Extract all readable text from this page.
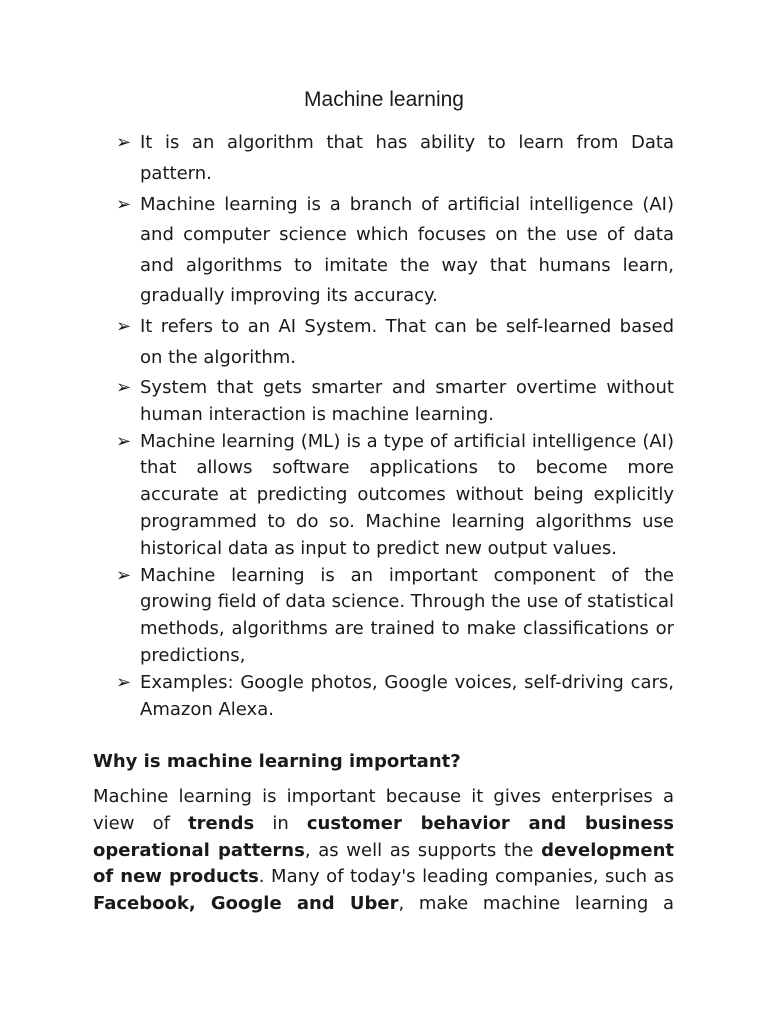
Machine learning
➢ It is an algorithm that has ability to learn from Data pattern.
➢ Machine learning is a branch of artificial intelligence (AI) and computer science which focuses on the use of data and algorithms to imitate the way that humans learn, gradually improving its accuracy.
➢ It refers to an AI System. That can be self-learned based on the algorithm.
➢ System that gets smarter and smarter overtime without human interaction is machine learning.
➢ Machine learning (ML) is a type of artificial intelligence (AI) that allows software applications to become more accurate at predicting outcomes without being explicitly programmed to do so. Machine learning algorithms use historical data as input to predict new output values.
➢ Machine learning is an important component of the growing field of data science. Through the use of statistical methods, algorithms are trained to make classifications or predictions,
➢ Examples: Google photos, Google voices, self-driving cars, Amazon Alexa.
Why is machine learning important?

Machine learning is important because it gives enterprises a view of trends in customer behavior and business operational patterns, as well as supports the development of new products. Many of today's leading companies, such as Facebook, Google and Uber, make machine learning a
